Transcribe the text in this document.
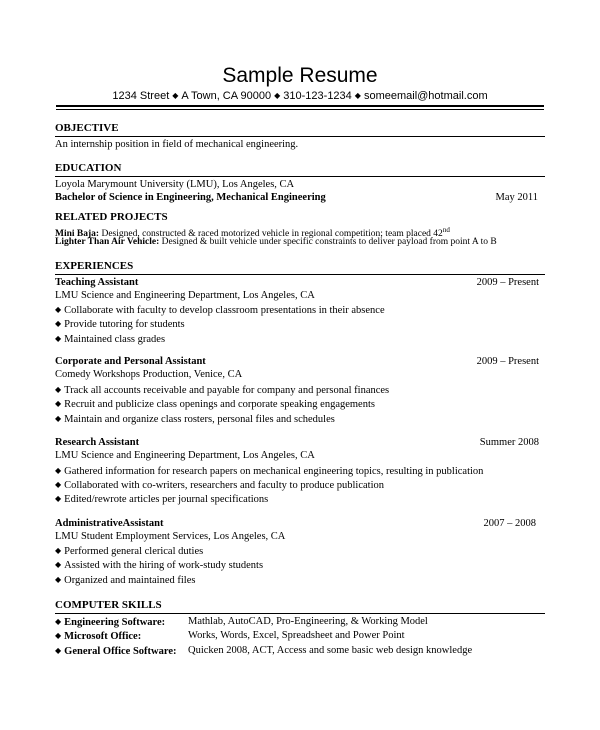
Sample Resume
1234 Street ◆ A Town, CA 90000 ◆ 310-123-1234 ◆ someemail@hotmail.com
OBJECTIVE
An internship position in field of mechanical engineering.
EDUCATION
Loyola Marymount University (LMU), Los Angeles, CA
Bachelor of Science in Engineering, Mechanical Engineering	May 2011
RELATED PROJECTS
Mini Baja: Designed, constructed & raced motorized vehicle in regional competition; team placed 42nd
Lighter Than Air Vehicle: Designed & built vehicle under specific constraints to deliver payload from point A to B
EXPERIENCES
Teaching Assistant	2009 – Present
LMU Science and Engineering Department, Los Angeles, CA
◆ Collaborate with faculty to develop classroom presentations in their absence
◆ Provide tutoring for students
◆ Maintained class grades
Corporate and Personal Assistant	2009 – Present
Comedy Workshops Production, Venice, CA
◆ Track all accounts receivable and payable for company and personal finances
◆ Recruit and publicize class openings and corporate speaking engagements
◆ Maintain and organize class rosters, personal files and schedules
Research Assistant	Summer 2008
LMU Science and Engineering Department, Los Angeles, CA
◆ Gathered information for research papers on mechanical engineering topics, resulting in publication
◆ Collaborated with co-writers, researchers and faculty to produce publication
◆ Edited/rewrote articles per journal specifications
AdministrativeAssistant	2007 – 2008
LMU Student Employment Services, Los Angeles, CA
◆ Performed general clerical duties
◆ Assisted with the hiring of work-study students
◆ Organized and maintained files
COMPUTER SKILLS
◆ Engineering Software: Mathlab, AutoCAD, Pro-Engineering, & Working Model
◆ Microsoft Office:	Works, Words, Excel, Spreadsheet and Power Point
◆ General Office Software: Quicken 2008, ACT, Access and some basic web design knowledge
